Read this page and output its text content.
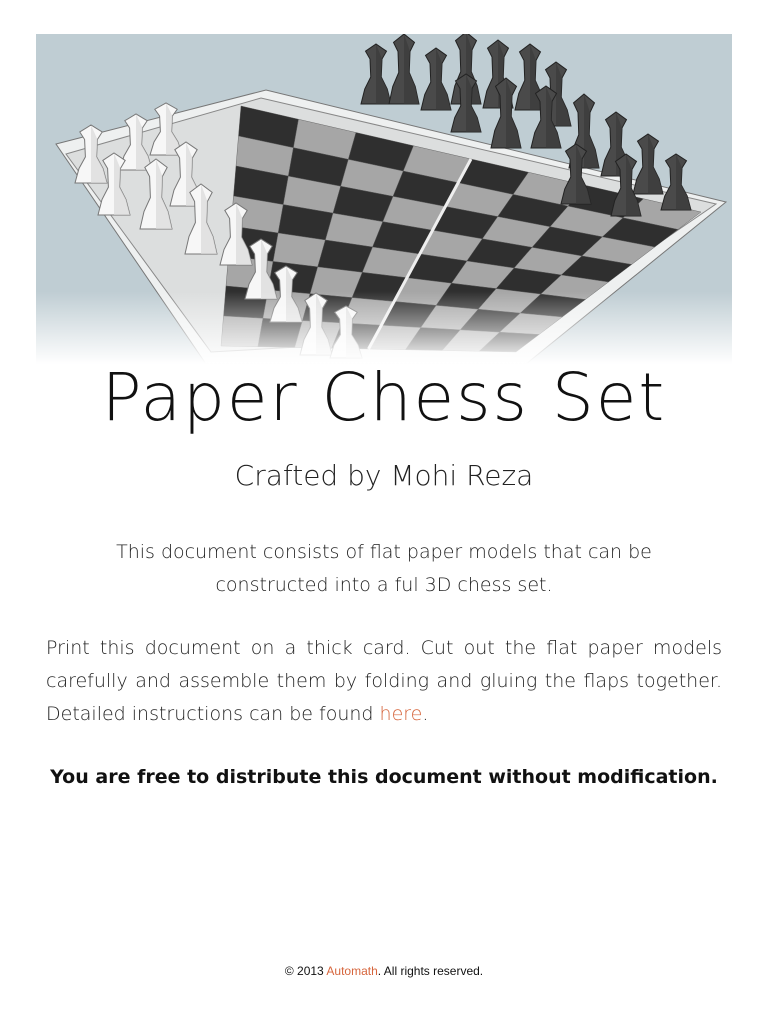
Paper Chess Set
Crafted by Mohi Reza
This document consists of flat paper models that can be constructed into a ful 3D chess set.
Print this document on a thick card. Cut out the flat paper models carefully and assemble them by folding and gluing the flaps together. Detailed instructions can be found here.
You are free to distribute this document without modification.
© 2013 Automath. All rights reserved.
